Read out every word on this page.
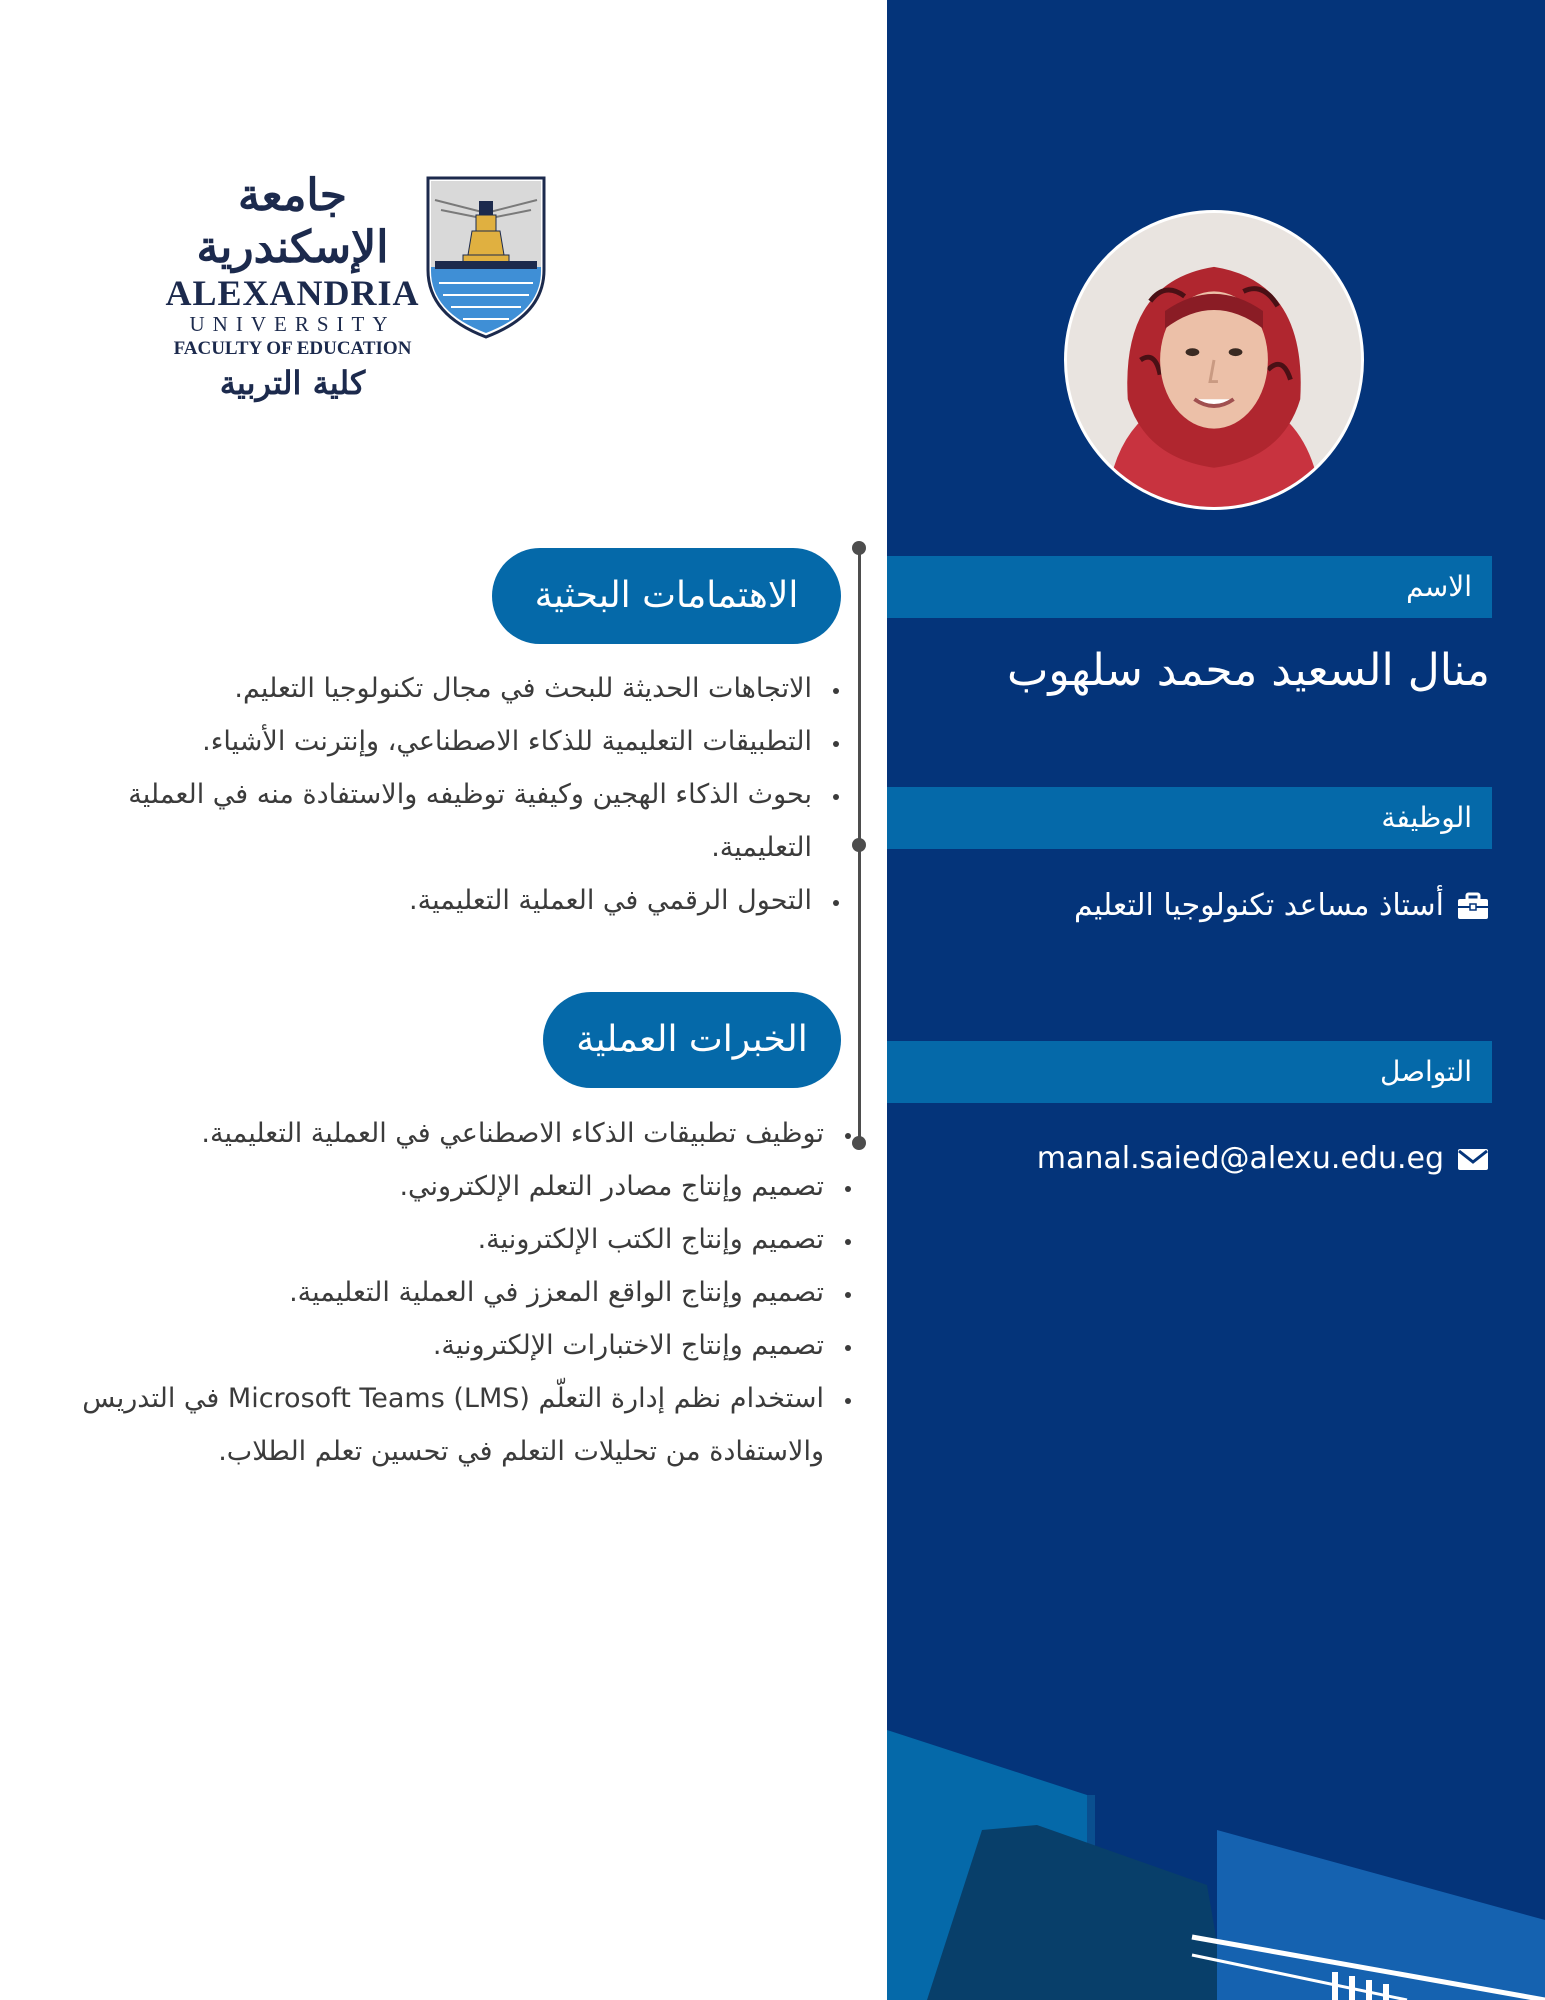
جامعة الإسكندرية
ALEXANDRIA
UNIVERSITY
FACULTY OF EDUCATION
كلية التربية
الاهتمامات البحثية
• الاتجاهات الحديثة للبحث في مجال تكنولوجيا التعليم.
• التطبيقات التعليمية للذكاء الاصطناعي، وإنترنت الأشياء.
• بحوث الذكاء الهجين وكيفية توظيفه والاستفادة منه في العملية التعليمية.
• التحول الرقمي في العملية التعليمية.
الخبرات العملية
• توظيف تطبيقات الذكاء الاصطناعي في العملية التعليمية.
• تصميم وإنتاج مصادر التعلم الإلكتروني.
• تصميم وإنتاج الكتب الإلكترونية.
• تصميم وإنتاج الواقع المعزز في العملية التعليمية.
• تصميم وإنتاج الاختبارات الإلكترونية.
• استخدام نظم إدارة التعلّم Microsoft Teams (LMS) في التدريس والاستفادة من تحليلات التعلم في تحسين تعلم الطلاب.
الاسم
منال السعيد محمد سلهوب
الوظيفة
أستاذ مساعد تكنولوجيا التعليم
التواصل
manal.saied@alexu.edu.eg
